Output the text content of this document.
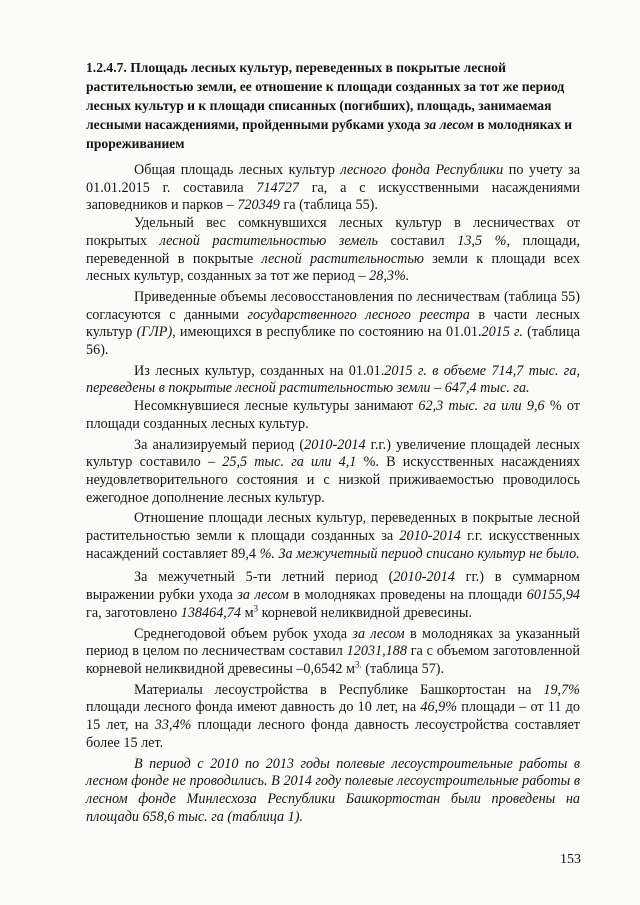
1.2.4.7. Площадь лесных культур, переведенных в покрытые лесной растительностью земли, ее отношение к площади созданных за тот же период лесных культур и к площади списанных (погибших), площадь, занимаемая лесными насаждениями, пройденными рубками ухода за лесом в молодняках и прореживанием

Общая площадь лесных культур лесного фонда Республики по учету за 01.01.2015 г. составила 714727 га, а с искусственными насаждениями заповедников и парков – 720349 га (таблица 55).

Удельный вес сомкнувшихся лесных культур в лесничествах от покрытых лесной растительностью земель составил 13,5 %, площади, переведенной в покрытые лесной растительностью земли к площади всех лесных культур, созданных за тот же период – 28,3%.

Приведенные объемы лесовосстановления по лесничествам (таблица 55) согласуются с данными государственного лесного реестра в части лесных культур (ГЛР), имеющихся в республике по состоянию на 01.01.2015 г. (таблица 56).

Из лесных культур, созданных на 01.01.2015 г. в объеме 714,7 тыс. га, переведены в покрытые лесной растительностью земли – 647,4 тыс. га.

Несомкнувшиеся лесные культуры занимают 62,3 тыс. га или 9,6 % от площади созданных лесных культур.

За анализируемый период (2010-2014 г.г.) увеличение площадей лесных культур составило – 25,5 тыс. га или 4,1 %. В искусственных насаждениях неудовлетворительного состояния и с низкой приживаемостью проводилось ежегодное дополнение лесных культур.

Отношение площади лесных культур, переведенных в покрытые лесной растительностью земли к площади созданных за 2010-2014 г.г. искусственных насаждений составляет 89,4 %. За межучетный период списано культур не было.

За межучетный 5-ти летний период (2010-2014 гг.) в суммарном выражении рубки ухода за лесом в молодняках проведены на площади 60155,94 га, заготовлено 138464,74 $м^3$ корневой неликвидной древесины.

Среднегодовой объем рубок ухода за лесом в молодняках за указанный период в целом по лесничествам составил 12031,188 га с объемом заготовленной корневой неликвидной древесины –0,6542 $м^{3.}$ (таблица 57).

Материалы лесоустройства в Республике Башкортостан на 19,7% площади лесного фонда имеют давность до 10 лет, на 46,9% площади – от 11 до 15 лет, на 33,4% площади лесного фонда давность лесоустройства составляет более 15 лет.

В период с 2010 по 2013 годы полевые лесоустроительные работы в лесном фонде не проводились. В 2014 году полевые лесоустроительные работы в лесном фонде Минлесхоза Республики Башкортостан были проведены на площади 658,6 тыс. га (таблица 1).

153
